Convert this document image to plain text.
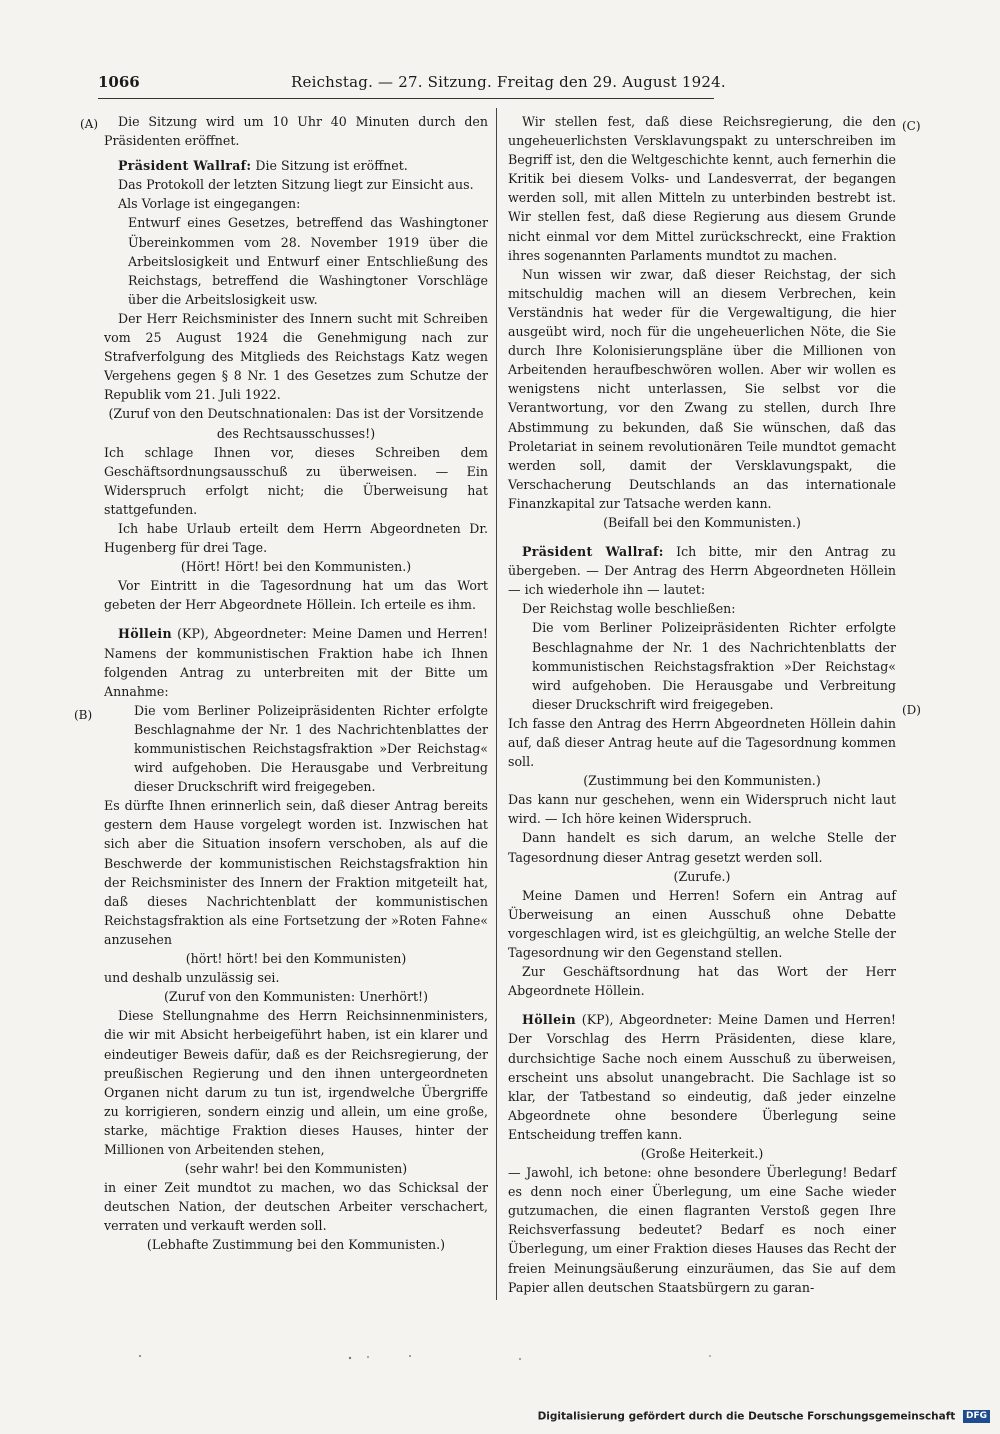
1066	Reichstag. — 27. Sitzung. Freitag den 29. August 1924.
(A)
(B)
(C)
(D)

Die Sitzung wird um 10 Uhr 40 Minuten durch den Präsidenten eröffnet.

Präsident Wallraf: Die Sitzung ist eröffnet.

Das Protokoll der letzten Sitzung liegt zur Einsicht aus.

Als Vorlage ist eingegangen:

Entwurf eines Gesetzes, betreffend das Washingtoner Übereinkommen vom 28. November 1919 über die Arbeitslosigkeit und Entwurf einer Entschließung des Reichstags, betreffend die Washingtoner Vorschläge über die Arbeitslosigkeit usw.

Der Herr Reichsminister des Innern sucht mit Schreiben vom 25 August 1924 die Genehmigung nach zur Strafverfolgung des Mitglieds des Reichstags Katz wegen Vergehens gegen § 8 Nr. 1 des Gesetzes zum Schutze der Republik vom 21. Juli 1922.

(Zuruf von den Deutschnationalen: Das ist der Vorsitzende des Rechtsausschusses!)

Ich schlage Ihnen vor, dieses Schreiben dem Geschäftsordnungsausschuß zu überweisen. — Ein Widerspruch erfolgt nicht; die Überweisung hat stattgefunden.

Ich habe Urlaub erteilt dem Herrn Abgeordneten Dr. Hugenberg für drei Tage.

(Hört! Hört! bei den Kommunisten.)

Vor Eintritt in die Tagesordnung hat um das Wort gebeten der Herr Abgeordnete Höllein. Ich erteile es ihm.

Höllein (KP), Abgeordneter: Meine Damen und Herren! Namens der kommunistischen Fraktion habe ich Ihnen folgenden Antrag zu unterbreiten mit der Bitte um Annahme:

Die vom Berliner Polizeipräsidenten Richter erfolgte Beschlagnahme der Nr. 1 des Nachrichtenblattes der kommunistischen Reichstagsfraktion »Der Reichstag« wird aufgehoben. Die Herausgabe und Verbreitung dieser Druckschrift wird freigegeben.

Es dürfte Ihnen erinnerlich sein, daß dieser Antrag bereits gestern dem Hause vorgelegt worden ist. Inzwischen hat sich aber die Situation insofern verschoben, als auf die Beschwerde der kommunistischen Reichstagsfraktion hin der Reichsminister des Innern der Fraktion mitgeteilt hat, daß dieses Nachrichtenblatt der kommunistischen Reichstagsfraktion als eine Fortsetzung der »Roten Fahne« anzusehen

(hört! hört! bei den Kommunisten)

und deshalb unzulässig sei.

(Zuruf von den Kommunisten: Unerhört!)

Diese Stellungnahme des Herrn Reichsinnenministers, die wir mit Absicht herbeigeführt haben, ist ein klarer und eindeutiger Beweis dafür, daß es der Reichsregierung, der preußischen Regierung und den ihnen untergeordneten Organen nicht darum zu tun ist, irgendwelche Übergriffe zu korrigieren, sondern einzig und allein, um eine große, starke, mächtige Fraktion dieses Hauses, hinter der Millionen von Arbeitenden stehen,

(sehr wahr! bei den Kommunisten)

in einer Zeit mundtot zu machen, wo das Schicksal der deutschen Nation, der deutschen Arbeiter verschachert, verraten und verkauft werden soll.

(Lebhafte Zustimmung bei den Kommunisten.)

Wir stellen fest, daß diese Reichsregierung, die den ungeheuerlichsten Versklavungspakt zu unterschreiben im Begriff ist, den die Weltgeschichte kennt, auch fernerhin die Kritik bei diesem Volks- und Landesverrat, der begangen werden soll, mit allen Mitteln zu unterbinden bestrebt ist. Wir stellen fest, daß diese Regierung aus diesem Grunde nicht einmal vor dem Mittel zurückschreckt, eine Fraktion ihres sogenannten Parlaments mundtot zu machen.

Nun wissen wir zwar, daß dieser Reichstag, der sich mitschuldig machen will an diesem Verbrechen, kein Verständnis hat weder für die Vergewaltigung, die hier ausgeübt wird, noch für die ungeheuerlichen Nöte, die Sie durch Ihre Kolonisierungspläne über die Millionen von Arbeitenden heraufbeschwören wollen. Aber wir wollen es wenigstens nicht unterlassen, Sie selbst vor die Verantwortung, vor den Zwang zu stellen, durch Ihre Abstimmung zu bekunden, daß Sie wünschen, daß das Proletariat in seinem revolutionären Teile mundtot gemacht werden soll, damit der Versklavungspakt, die Verschacherung Deutschlands an das internationale Finanzkapital zur Tatsache werden kann.

(Beifall bei den Kommunisten.)

Präsident Wallraf: Ich bitte, mir den Antrag zu übergeben. — Der Antrag des Herrn Abgeordneten Höllein — ich wiederhole ihn — lautet:

Der Reichstag wolle beschließen:

Die vom Berliner Polizeipräsidenten Richter erfolgte Beschlagnahme der Nr. 1 des Nachrichtenblatts der kommunistischen Reichstagsfraktion »Der Reichstag« wird aufgehoben. Die Herausgabe und Verbreitung dieser Druckschrift wird freigegeben.

Ich fasse den Antrag des Herrn Abgeordneten Höllein dahin auf, daß dieser Antrag heute auf die Tagesordnung kommen soll.

(Zustimmung bei den Kommunisten.)

Das kann nur geschehen, wenn ein Widerspruch nicht laut wird. — Ich höre keinen Widerspruch.

Dann handelt es sich darum, an welche Stelle der Tagesordnung dieser Antrag gesetzt werden soll.

(Zurufe.)

Meine Damen und Herren! Sofern ein Antrag auf Überweisung an einen Ausschuß ohne Debatte vorgeschlagen wird, ist es gleichgültig, an welche Stelle der Tagesordnung wir den Gegenstand stellen.

Zur Geschäftsordnung hat das Wort der Herr Abgeordnete Höllein.

Höllein (KP), Abgeordneter: Meine Damen und Herren! Der Vorschlag des Herrn Präsidenten, diese klare, durchsichtige Sache noch einem Ausschuß zu überweisen, erscheint uns absolut unangebracht. Die Sachlage ist so klar, der Tatbestand so eindeutig, daß jeder einzelne Abgeordnete ohne besondere Überlegung seine Entscheidung treffen kann.

(Große Heiterkeit.)

— Jawohl, ich betone: ohne besondere Überlegung! Bedarf es denn noch einer Überlegung, um eine Sache wieder gutzumachen, die einen flagranten Verstoß gegen Ihre Reichsverfassung bedeutet? Bedarf es noch einer Überlegung, um einer Fraktion dieses Hauses das Recht der freien Meinungsäußerung einzuräumen, das Sie auf dem Papier allen deutschen Staatsbürgern zu garan-

Digitalisierung gefördert durch die Deutsche Forschungsgemeinschaft DFG
